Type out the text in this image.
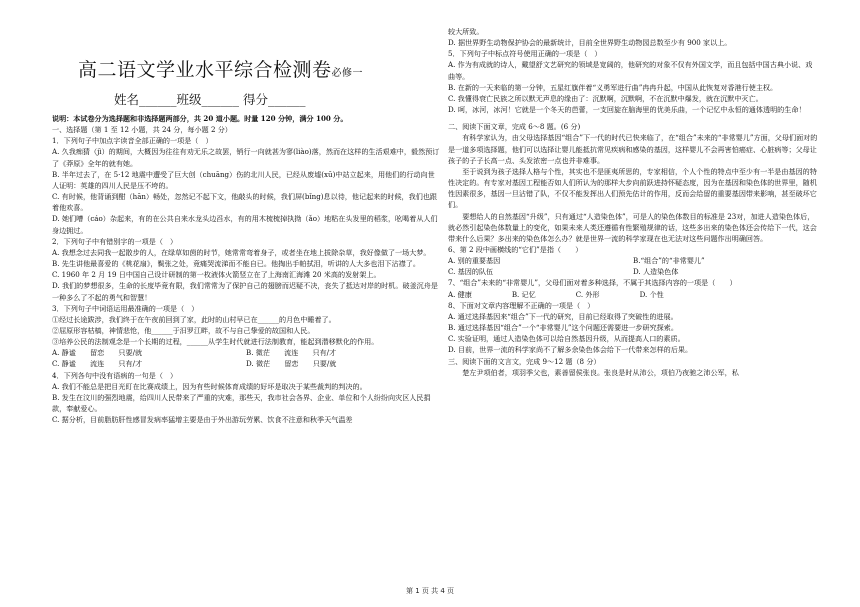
高二语文学业水平综合检测卷必修一
姓名______班级______ 得分______

说明：本试卷分为选择题和非选择题两部分，共 20 道小题。时量 120 分钟，满分 100 分。

一、选择题（第 1 至 12 小题，共 24 分，每小题 2 分）

1．下列句子中加点字读音全部正确的一项是（　）

A. 久我痴猜（jì）的期间，大概因为往往有劝无乐之故罢，销行一向就甚为寥(liào)落，然而在这样的生活艰难中，毅然预订了《莽原》全年的就有她。

B. 半年过去了，在 5·12 地震中遭受了巨大创（chuāng）伤的北川人民，已经从废墟(xū)中站立起来，用他们的行动向世人证明：英雄的四川人民是压不垮的。

C. 有时候，他背诵到酣（hān）畅处，忽然记不起下文，他敲头的时候，我们屏(bǐng)息以待，他记起来的时候，我们也跟着他欢喜。

D. 她们嘈（cáo）杂起来，有的在公共自来水龙头边舀水，有的用木梳梳掉执拗（ǎo）地粘在头发里的稻浆，吆喝着从人们身边拥过。

2．下列句子中有错别字的一项是（　）

A. 我想念过去同我一起散步的人，在绿草如茵的时节，她常常弯着身子，或者坐在地上拔除杂草，我好像做了一场大梦。

B. 先生讲他最喜爱的《桃花扇》，鬓张之处，竟痛哭流涕而不能自已。他掏出手帕拭泪，听讲的人大多也泪下沾襟了。

C. 1960 年 2 月 19 日中国自己设计研制的第一枚液体火箭竖立在了上海南汇海滩 20 米高的发射架上。

D. 我们的梦想很多，生命的长度毕竟有限，我们常常为了保护自己的翅膀而迟疑不决，丧失了抵达对岸的时机。破釜沉舟是一种多么了不起的勇气和智慧！

3．下列句子中词语运用最准确的一项是（　）

①经过长途跋涉，我们终于在午夜前回到了家，此时的山村早已在______的月色中睡着了。

②屈原形容枯槁，神情悲怆，他______于汨罗江畔，故不与自己挚爱的故国和人民。

③培养公民的法制观念是一个长期的过程，______从学生时代就进行法制教育，能起到潜移默化的作用。

A. 静谧　　留恋　　只要/就	B. 微茫　　流连　　只有/才
C. 静谧　　流连　　只有/才	D. 微茫　　留恋　　只要/就

4．下列各句中没有语病的一句是（　）

A. 我们不能总是把目光盯在比赛成绩上，因为有些时候体育成绩的好坏是取决于某些裁判的判决的。

B. 发生在汶川的强烈地震，给四川人民带来了严重的灾难，那些天，我市社会各界、企业、单位和个人纷纷向灾区人民捐款，奉献爱心。

C. 据分析，目前脂肪肝性感冒发病率猛增主要是由于外出游玩劳累、饮食不注意和秋季天气温差

较大所致。

D. 据世界野生动物保护协会的最新统计，目前全世界野生动物园总数至少有 900 家以上。

5．下列句子中标点符号使用正确的一项是（　）

A. 作为有成就的诗人，戴望舒文艺研究的领域是宽阔的，他研究的对象不仅有外国文学，而且包括中国古典小说、戏曲等。

B. 在新的一天来临的第一分钟，五星红旗伴着“义勇军进行曲”冉冉升起，中国从此恢复对香港行使主权。

C. 我懂得衰亡民族之所以默无声息的缘由了：沉默啊，沉默啊，不在沉默中爆发，就在沉默中灭亡。

D. 呵，冰河，冰河！它就是一个冬天的芭蕾，一支回旋在脑海里的优美乐曲，一个记忆中永恒的通体透明的生命！

二、阅读下面文章，完成 6～8 题。(6 分)

有科学家认为，由父母选择基因“组合”下一代的时代已快来临了，在“组合”未来的“非常婴儿”方面，父母们面对的是一道多项选择题，他们可以选择让婴儿能抵抗常见疾病和感染的基因，这样婴儿不会再害怕癌症、心脏病等；父母让孩子的子子长高一点、头发浓密一点也并非难事。

至于说到为孩子选择人格与个性，其实也不是匪夷所思的，专家相信，个人个性的特点中至少有一半是由基因的特性决定的。有专家对基因工程能否如人们所认为的那样大步向前跃进持怀疑态度，因为在基因和染色体的世界里，随机性因素很多，基因一旦沾错了队，不仅不能发挥出人们预先估计的作用，反而会给留的重要基因带来影响，甚至破坏它们。

要想给人的自然基因“升级”，只有通过“人造染色体”，可是人的染色体数目的标准是 23对，加进人造染色体后，就必然引起染色体数量上的变化，如果未来人类还遵循有性繁殖规律的话，这些多出来的染色体还会传给下一代，这会带来什么后果？多出来的染色体怎么办？就是世界一流的科学家现在也无法对这些问题作出明确回答。

6、第 2 段中画横线的“它们”是指（　　）

A. 别的重要基因	B.“组合”的“非常婴儿”
C. 基因的队伍	D. 人造染色体

7、“组合”未来的“非常婴儿”，父母们面对着多种选择，不属于其选择内容的一项是（　　）

A. 健康	B. 记忆	C. 外形	D. 个性

8、下面对文章内容理解不正确的一项是（　）

A. 通过选择基因来“组合”下一代的研究，目前已经取得了突破性的进展。

B. 通过选择基因“组合”一个“非常婴儿”这个问题还需要进一步研究探索。

C. 实验证明，通过人造染色体可以给自然基因升级，从而提高人口的素质。

D. 目前，世界一流的科学家尚不了解多余染色体会给下一代带来怎样的后果。

三、阅读下面的文言文，完成 9～12 题（8 分）

楚左尹项伯者，项羽季父也，素善留侯张良。张良是时从沛公，项伯乃夜驰之沛公军，私

第 1 页 共 4 页
